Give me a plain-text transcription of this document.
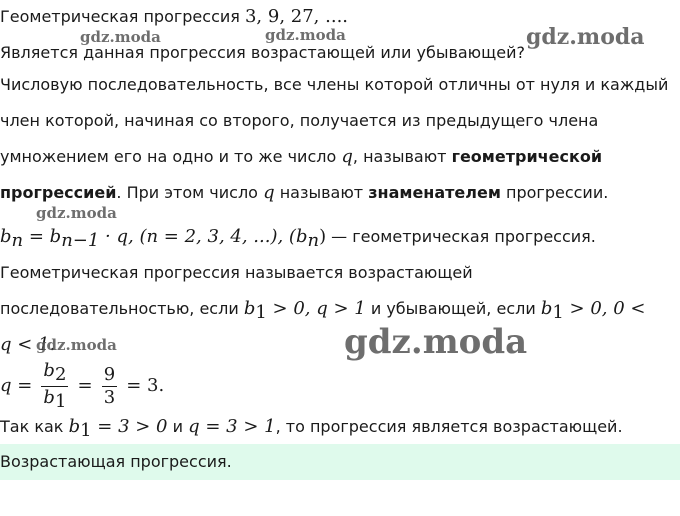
Геометрическая прогрессия 3, 9, 27, ....
Является данная прогрессия возрастающей или убывающей?
Числовую последовательность, все члены которой отличны от нуля и каждый
член которой, начиная со второго, получается из предыдущего члена
умножением его на одно и то же число q, называют геометрической
прогрессией. При этом число q называют знаменателем прогрессии.
$b_n = b_{n-1} \cdot q$, (n = 2, 3, 4, ...), $(b_n)$ — геометрическая прогрессия.
Геометрическая прогрессия называется возрастающей
последовательностью, если $b_1 > 0$, q > 1 и убывающей, если $b_1 > 0$, 0 <
q < 1.
$q = \frac{b_2}{b_1} = \frac{9}{3} = 3$.
Так как $b_1 = 3 > 0$ и q = 3 > 1, то прогрессия является возрастающей.
Возрастающая прогрессия.
gdz.moda	gdz.moda	gdz.moda
gdz.moda
gdz.moda	gdz.moda
